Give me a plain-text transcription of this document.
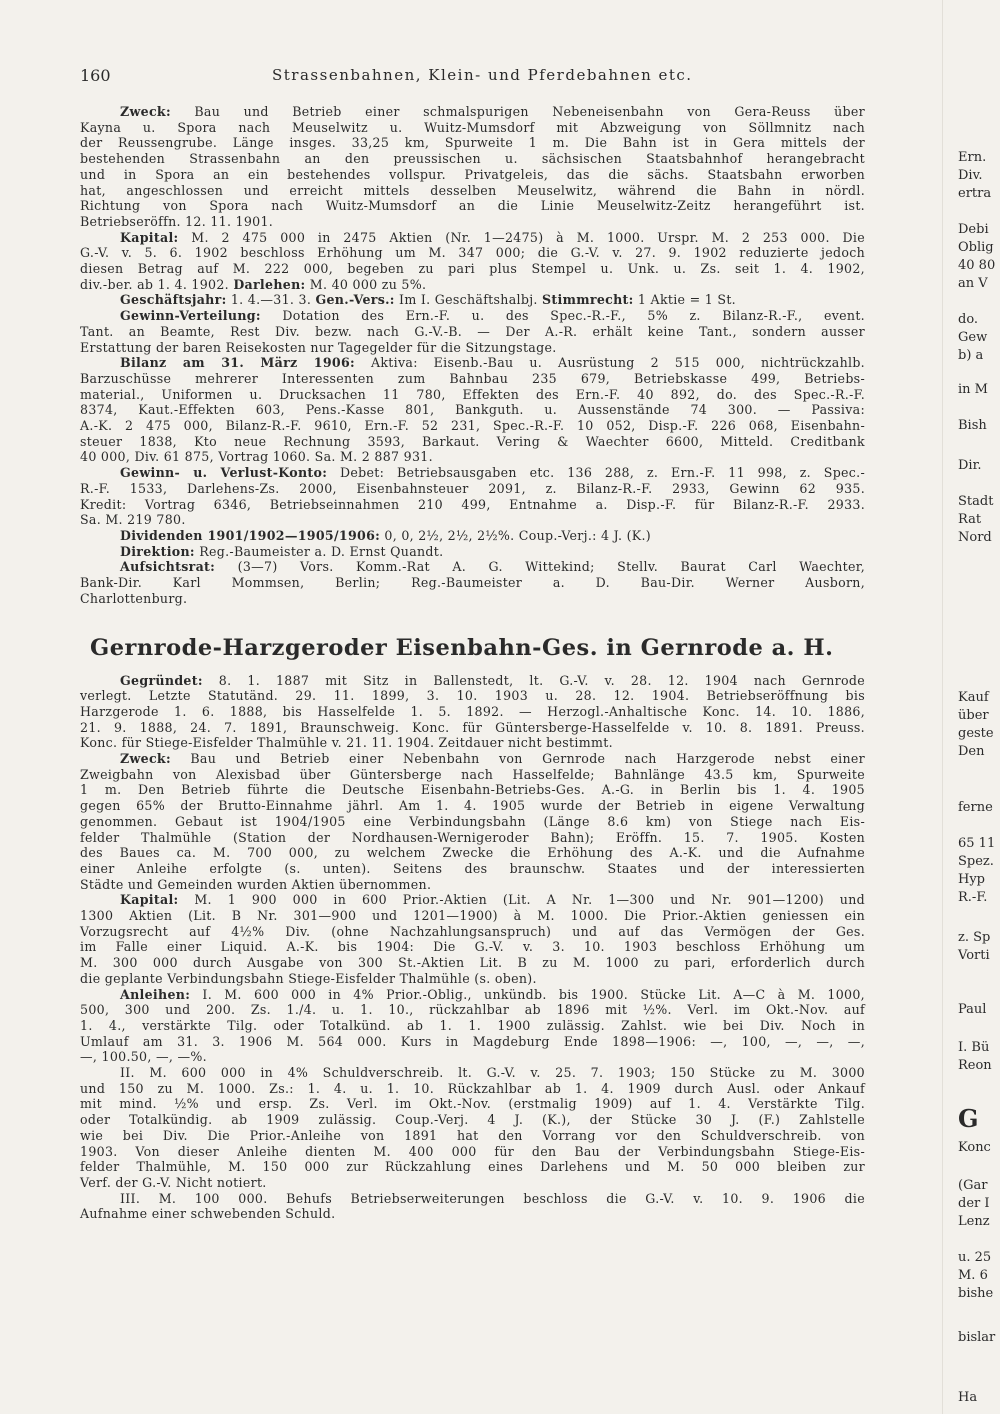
160	Strassenbahnen, Klein- und Pferdebahnen etc.

Zweck: Bau und Betrieb einer schmalspurigen Nebeneisenbahn von Gera-Reuss über

Kayna u. Spora nach Meuselwitz u. Wuitz-Mumsdorf mit Abzweigung von Söllmnitz nach

der Reussengrube. Länge insges. 33,25 km, Spurweite 1 m. Die Bahn ist in Gera mittels der

bestehenden Strassenbahn an den preussischen u. sächsischen Staatsbahnhof herangebracht

und in Spora an ein bestehendes vollspur. Privatgeleis, das die sächs. Staatsbahn erworben

hat, angeschlossen und erreicht mittels desselben Meuselwitz, während die Bahn in nördl.

Richtung von Spora nach Wuitz-Mumsdorf an die Linie Meuselwitz-Zeitz herangeführt ist.

Betriebseröffn. 12. 11. 1901.

Kapital: M. 2 475 000 in 2475 Aktien (Nr. 1—2475) à M. 1000. Urspr. M. 2 253 000. Die

G.-V. v. 5. 6. 1902 beschloss Erhöhung um M. 347 000; die G.-V. v. 27. 9. 1902 reduzierte jedoch

diesen Betrag auf M. 222 000, begeben zu pari plus Stempel u. Unk. u. Zs. seit 1. 4. 1902,

div.-ber. ab 1. 4. 1902. Darlehen: M. 40 000 zu 5%.

Geschäftsjahr: 1. 4.—31. 3. Gen.-Vers.: Im I. Geschäftshalbj. Stimmrecht: 1 Aktie = 1 St.

Gewinn-Verteilung: Dotation des Ern.-F. u. des Spec.-R.-F., 5% z. Bilanz-R.-F., event.

Tant. an Beamte, Rest Div. bezw. nach G.-V.-B. — Der A.-R. erhält keine Tant., sondern ausser

Erstattung der baren Reisekosten nur Tagegelder für die Sitzungstage.

Bilanz am 31. März 1906: Aktiva: Eisenb.-Bau u. Ausrüstung 2 515 000, nichtrückzahlb.

Barzuschüsse mehrerer Interessenten zum Bahnbau 235 679, Betriebskasse 499, Betriebs-

material., Uniformen u. Drucksachen 11 780, Effekten des Ern.-F. 40 892, do. des Spec.-R.-F.

8374, Kaut.-Effekten 603, Pens.-Kasse 801, Bankguth. u. Aussenstände 74 300. — Passiva:

A.-K. 2 475 000, Bilanz-R.-F. 9610, Ern.-F. 52 231, Spec.-R.-F. 10 052, Disp.-F. 226 068, Eisenbahn-

steuer 1838, Kto neue Rechnung 3593, Barkaut. Vering & Waechter 6600, Mitteld. Creditbank

40 000, Div. 61 875, Vortrag 1060. Sa. M. 2 887 931.

Gewinn- u. Verlust-Konto: Debet: Betriebsausgaben etc. 136 288, z. Ern.-F. 11 998, z. Spec.-

R.-F. 1533, Darlehens-Zs. 2000, Eisenbahnsteuer 2091, z. Bilanz-R.-F. 2933, Gewinn 62 935.

Kredit: Vortrag 6346, Betriebseinnahmen 210 499, Entnahme a. Disp.-F. für Bilanz-R.-F. 2933.

Sa. M. 219 780.

Dividenden 1901/1902—1905/1906: 0, 0, 2½, 2½, 2½%. Coup.-Verj.: 4 J. (K.)

Direktion: Reg.-Baumeister a. D. Ernst Quandt.

Aufsichtsrat: (3—7) Vors. Komm.-Rat A. G. Wittekind; Stellv. Baurat Carl Waechter,

Bank-Dir. Karl Mommsen, Berlin; Reg.-Baumeister a. D. Bau-Dir. Werner Ausborn,

Charlottenburg.

Gernrode-Harzgeroder Eisenbahn-Ges. in Gernrode a. H.

Gegründet: 8. 1. 1887 mit Sitz in Ballenstedt, lt. G.-V. v. 28. 12. 1904 nach Gernrode

verlegt. Letzte Statutänd. 29. 11. 1899, 3. 10. 1903 u. 28. 12. 1904. Betriebseröffnung bis

Harzgerode 1. 6. 1888, bis Hasselfelde 1. 5. 1892. — Herzogl.-Anhaltische Konc. 14. 10. 1886,

21. 9. 1888, 24. 7. 1891, Braunschweig. Konc. für Güntersberge-Hasselfelde v. 10. 8. 1891. Preuss.

Konc. für Stiege-Eisfelder Thalmühle v. 21. 11. 1904. Zeitdauer nicht bestimmt.

Zweck: Bau und Betrieb einer Nebenbahn von Gernrode nach Harzgerode nebst einer

Zweigbahn von Alexisbad über Güntersberge nach Hasselfelde; Bahnlänge 43.5 km, Spurweite

1 m. Den Betrieb führte die Deutsche Eisenbahn-Betriebs-Ges. A.-G. in Berlin bis 1. 4. 1905

gegen 65% der Brutto-Einnahme jährl. Am 1. 4. 1905 wurde der Betrieb in eigene Verwaltung

genommen. Gebaut ist 1904/1905 eine Verbindungsbahn (Länge 8.6 km) von Stiege nach Eis-

felder Thalmühle (Station der Nordhausen-Wernigeroder Bahn); Eröffn. 15. 7. 1905. Kosten

des Baues ca. M. 700 000, zu welchem Zwecke die Erhöhung des A.-K. und die Aufnahme

einer Anleihe erfolgte (s. unten). Seitens des braunschw. Staates und der interessierten

Städte und Gemeinden wurden Aktien übernommen.

Kapital: M. 1 900 000 in 600 Prior.-Aktien (Lit. A Nr. 1—300 und Nr. 901—1200) und

1300 Aktien (Lit. B Nr. 301—900 und 1201—1900) à M. 1000. Die Prior.-Aktien geniessen ein

Vorzugsrecht auf 4½% Div. (ohne Nachzahlungsanspruch) und auf das Vermögen der Ges.

im Falle einer Liquid. A.-K. bis 1904: Die G.-V. v. 3. 10. 1903 beschloss Erhöhung um

M. 300 000 durch Ausgabe von 300 St.-Aktien Lit. B zu M. 1000 zu pari, erforderlich durch

die geplante Verbindungsbahn Stiege-Eisfelder Thalmühle (s. oben).

Anleihen: I. M. 600 000 in 4% Prior.-Oblig., unkündb. bis 1900. Stücke Lit. A—C à M. 1000,

500, 300 und 200. Zs. 1./4. u. 1. 10., rückzahlbar ab 1896 mit ½%. Verl. im Okt.-Nov. auf

1. 4., verstärkte Tilg. oder Totalkünd. ab 1. 1. 1900 zulässig. Zahlst. wie bei Div. Noch in

Umlauf am 31. 3. 1906 M. 564 000. Kurs in Magdeburg Ende 1898—1906: —, 100, —, —, —,

—, 100.50, —, —%.

II. M. 600 000 in 4% Schuldverschreib. lt. G.-V. v. 25. 7. 1903; 150 Stücke zu M. 3000

und 150 zu M. 1000. Zs.: 1. 4. u. 1. 10. Rückzahlbar ab 1. 4. 1909 durch Ausl. oder Ankauf

mit mind. ½% und ersp. Zs. Verl. im Okt.-Nov. (erstmalig 1909) auf 1. 4. Verstärkte Tilg.

oder Totalkündig. ab 1909 zulässig. Coup.-Verj. 4 J. (K.), der Stücke 30 J. (F.) Zahlstelle

wie bei Div. Die Prior.-Anleihe von 1891 hat den Vorrang vor den Schuldverschreib. von

1903. Von dieser Anleihe dienten M. 400 000 für den Bau der Verbindungsbahn Stiege-Eis-

felder Thalmühle, M. 150 000 zur Rückzahlung eines Darlehens und M. 50 000 bleiben zur

Verf. der G.-V. Nicht notiert.

III. M. 100 000. Behufs Betriebserweiterungen beschloss die G.-V. v. 10. 9. 1906 die

Aufnahme einer schwebenden Schuld.

Ern.
Div.
ertra
Debi
Oblig
40 80
an V
do.
Gew
b) a
in M
Bish
Dir.
Stadt
Rat
Nord
Kauf
über
geste
Den
ferne
65 11
Spez.
Hyp
R.-F.
z. Sp
Vorti
Paul
I. Bü
Reon
G
Konc
(Gar
der I
Lenz
u. 25
M. 6
bishe
bislar
Ha
